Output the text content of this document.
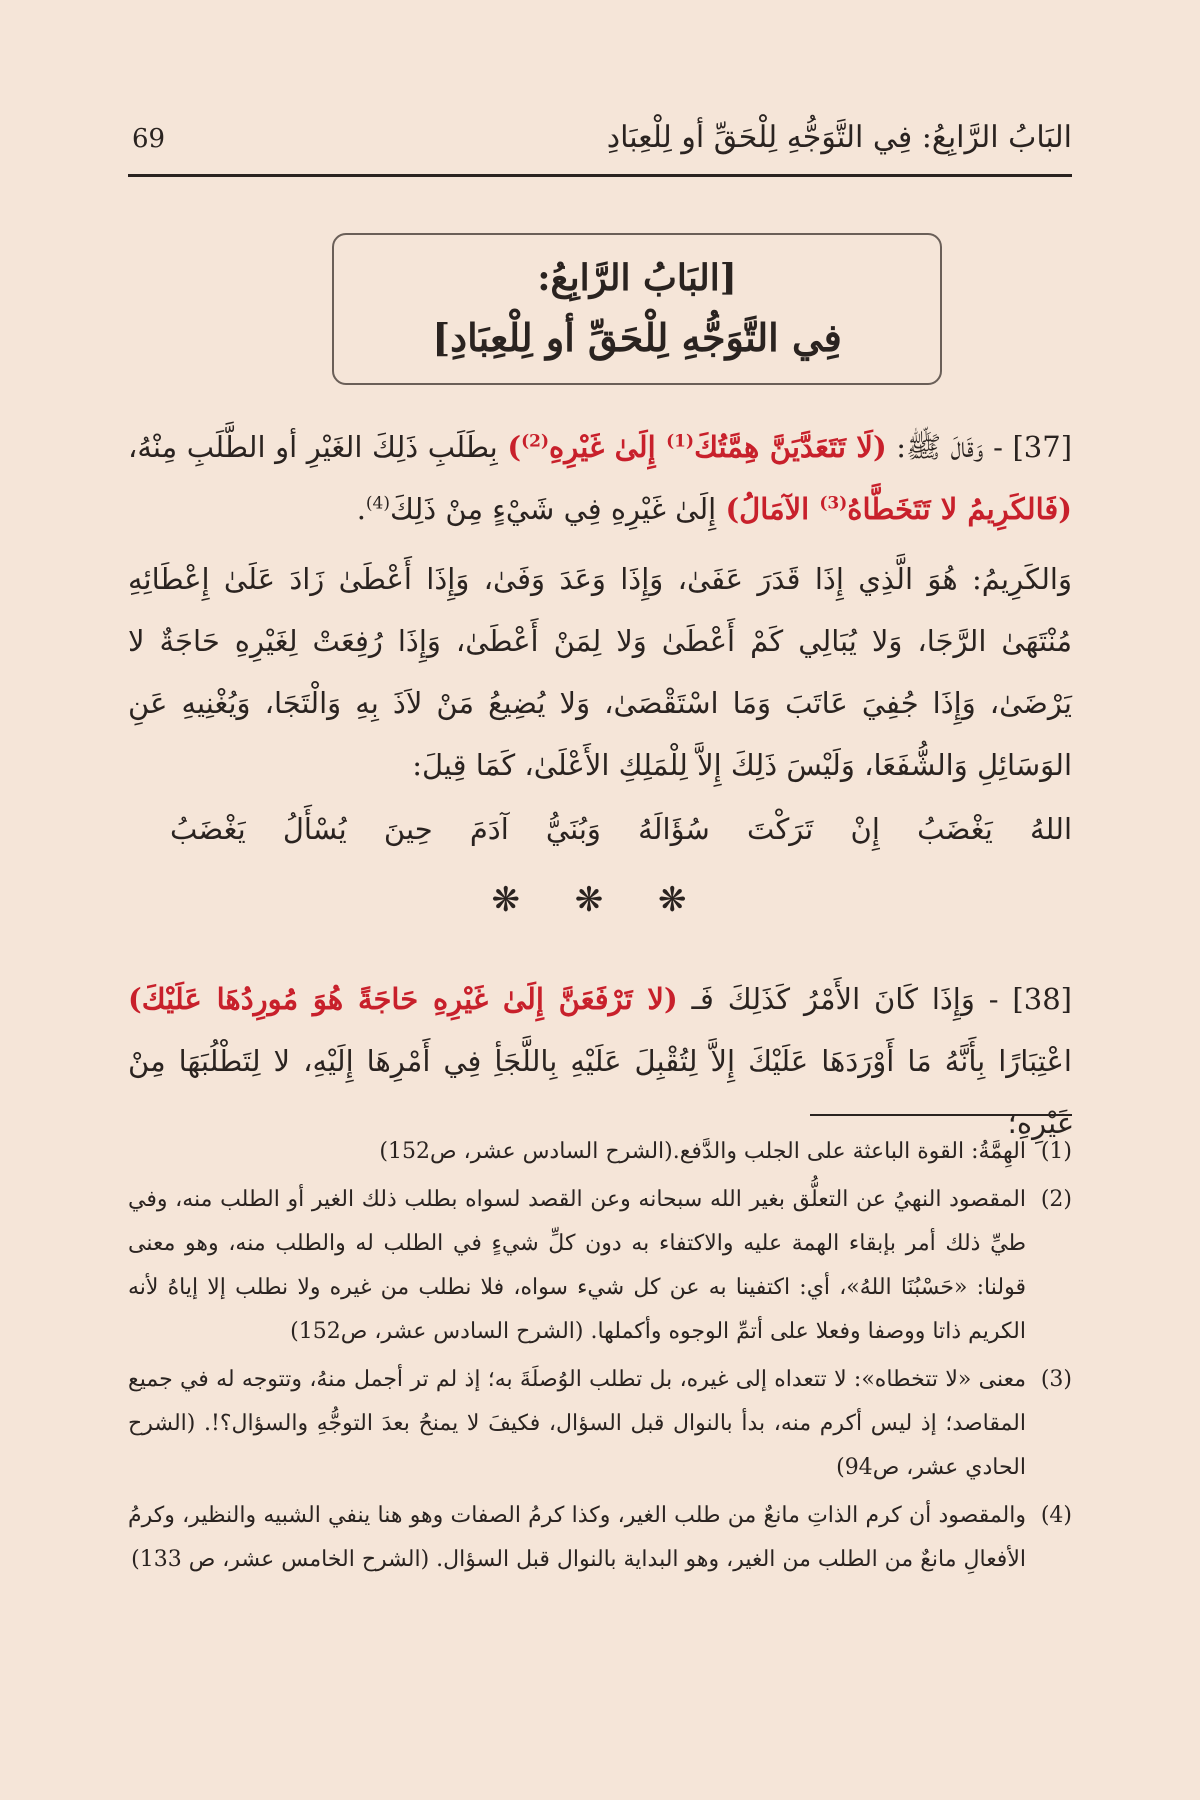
البَابُ الرَّابِعُ: فِي التَّوَجُّهِ لِلْحَقِّ أو لِلْعِبَادِ
69
[البَابُ الرَّابِعُ:
فِي التَّوَجُّهِ لِلْحَقِّ أو لِلْعِبَادِ]
[37] - وَقَالَ ﷺ: (لَا تَتَعَدَّيَنَّ هِمَّتُكَ$^{(1)}$ إِلَىٰ غَيْرِهِ$^{(2)}$) بِطَلَبِ ذَلِكَ الغَيْرِ أو الطَّلَبِ مِنْهُ، (فَالكَرِيمُ لا تَتَخَطَّاهُ$^{(3)}$ الآمَالُ) إِلَىٰ غَيْرِهِ فِي شَيْءٍ مِنْ ذَلِكَ$^{(4)}$.
وَالكَرِيمُ: هُوَ الَّذِي إِذَا قَدَرَ عَفَىٰ، وَإِذَا وَعَدَ وَفَىٰ، وَإِذَا أَعْطَىٰ زَادَ عَلَىٰ إِعْطَائِهِ مُنْتَهَىٰ الرَّجَا، وَلا يُبَالِي كَمْ أَعْطَىٰ وَلا لِمَنْ أَعْطَىٰ، وَإِذَا رُفِعَتْ لِغَيْرِهِ حَاجَةٌ لا يَرْضَىٰ، وَإِذَا جُفِيَ عَاتَبَ وَمَا اسْتَقْصَىٰ، وَلا يُضِيعُ مَنْ لاَذَ بِهِ وَالْتَجَا، وَيُغْنِيهِ عَنِ الوَسَائِلِ وَالشُّفَعَا، وَلَيْسَ ذَلِكَ إِلاَّ لِلْمَلِكِ الأَعْلَىٰ، كَمَا قِيلَ:
اللهُ يَغْضَبُ إِنْ تَرَكْتَ سُؤَالَهُ وَبُنَيُّ آدَمَ حِينَ يُسْأَلُ يَغْضَبُ
❋ ❋ ❋
[38] - وَإِذَا كَانَ الأَمْرُ كَذَلِكَ فَـ (لا تَرْفَعَنَّ إِلَىٰ غَيْرِهِ حَاجَةً هُوَ مُورِدُهَا عَلَيْكَ) اعْتِبَارًا بِأَنَّهُ مَا أَوْرَدَهَا عَلَيْكَ إِلاَّ لِتُقْبِلَ عَلَيْهِ بِاللَّجَأِ فِي أَمْرِهَا إِلَيْهِ، لا لِتَطْلُبَهَا مِنْ غَيْرِهِ؛
(1)
الهِمَّةُ: القوة الباعثة على الجلب والدَّفع.(الشرح السادس عشر، ص152)
(2)
المقصود النهيُ عن التعلُّق بغير الله سبحانه وعن القصد لسواه بطلب ذلك الغير أو الطلب منه، وفي طيِّ ذلك أمر بإبقاء الهمة عليه والاكتفاء به دون كلِّ شيءٍ في الطلب له والطلب منه، وهو معنى قولنا: «حَسْبُنَا اللهُ»، أي: اكتفينا به عن كل شيء سواه، فلا نطلب من غيره ولا نطلب إلا إياهُ لأنه الكريم ذاتا ووصفا وفعلا على أتمِّ الوجوه وأكملها. (الشرح السادس عشر، ص152)
(3)
معنى «لا تتخطاه»: لا تتعداه إلى غيره، بل تطلب الوُصلَةَ به؛ إذ لم تر أجمل منهُ، وتتوجه له في جميع المقاصد؛ إذ ليس أكرم منه، بدأ بالنوال قبل السؤال، فكيفَ لا يمنحُ بعدَ التوجُّهِ والسؤال؟!. (الشرح الحادي عشر، ص94)
(4)
والمقصود أن كرم الذاتِ مانعٌ من طلب الغير، وكذا كرمُ الصفات وهو هنا ينفي الشبيه والنظير، وكرمُ الأفعالِ مانعٌ من الطلب من الغير، وهو البداية بالنوال قبل السؤال. (الشرح الخامس عشر، ص 133)
